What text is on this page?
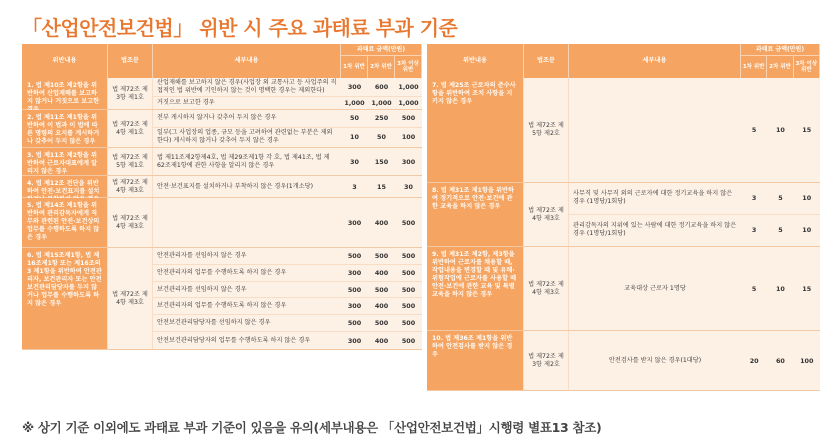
「산업안전보건법」 위반 시 주요 과태료 부과 기준
위반내용	법조문	세부내용
과태료 금액(만원)
1차 위반 2차 위반 3차 이상 위반
1. 법 제10조 제2항을 위반하여 산업재해를 보고하지 않거나 거짓으로 보고한
법 제72조 제3항 제1호
산업재해를 보고하지 않은 경우(사업장 외 교통사고 등 사업주의 직접적인 법 위반에 기인하지 않는 것이 명백한 경우는 제외한다)	300	600	1,000
거짓으로 보고한 경우	1,000	1,000	1,000
2. 법 제11조 제1항을 위반하여 이 법과 이 법에 따른 명령의 요지를 게시하거나 갖추어 두지 않은 경우
법 제72조 제4항 제1호
전부 게시하지 않거나 갖추어 두지 않은 경우	50	250	500
일부(그 사업장의 업종, 규모 등을 고려하여 관련없는 부분은 제외한다) 게시하지 않거나 갖추어 두지 않은 경우	10	50	100
3. 법 제11조 제2항을 위반하여 근로자대표에게 알리지 않은 경우
법 제72조 제5항 제1호
법 제11조제2항제4호, 법 제29조제1항 각 호, 법 제41조, 법 제62조제1항에 관한 사항을 알리지 않은 경우	30	150	300
4. 법 제12조 전단을 위반하여 안전·보건표지를 설치
법 제72조 제4항 제3호
안전·보건표지를 설치하거나 부착하지 않은 경우(1개소당)	3	15	30
5. 법 제14조 제1항을 위반하여 관리감독자에게 직무와 관련된 안전·보건상의 업무를 수행하도록 하지 않은 경우
법 제72조 제4항 제3호	300	400	500
6. 법 제15조제1항, 법 제16조제1항 또는 제16조의3 제1항을 위반하여 안전관리자, 보건관리자 또는 안전보건관리담당자를 두지 않거나 업무를 수행하도록 하지 않은 경우
법 제72조 제4항 제3호
안전관리자를 선임하지 않은 경우	500	500	500
안전관리자의 업무를 수행하도록 하지 않은 경우	300	400	500
보건관리자를 선임하지 않은 경우	500	500	500
보건관리자의 업무를 수행하도록 하지 않은 경우	300	400	500
안전보건관리담당자를 선임하지 않은 경우	500	500	500
안전보건관리담당자의 업무를 수행하도록 하지 않은 경우	300	400	500
위반내용	법조문	세부내용
과태료 금액(만원)
1차 위반 2차 위반 3차 이상 위반
7. 법 제25조 근로자의 준수사항을 위반하여 조치 사항을 지키지 않은 경우
법 제72조 제5항 제2호	5	10	15
8. 법 제31조 제1항을 위반하여 정기적으로 안전·보건에 관한 교육을 하지 않은 경우	법 제72조 제4항 제3호
사무직 및 사무직 외의 근로자에 대한 정기교육을 하지 않은 경우 (1명당/1회당)	3	5	10
관리감독자의 지위에 있는 사람에 대한 정기교육을 하지 않은 경우 (1명당/1회당)	3	5	10
9. 법 제31조 제2항, 제3항을 위반하여 근로자를 채용할 때, 작업내용을 변경할 때 및 유해·위험작업에 근로자를 사용할 때 안전·보건에 관한 교육 및 특별교육을 하지 않은 경우
법 제72조 제4항 제3호
교육대상 근로자 1명당	5	10	15
10. 법 제36조 제1항을 위반하여 안전검사를 받지 않은 경우	법 제72조 제3항 제2호
안전검사를 받지 않은 경우(1대당)	20	60	100
※ 상기 기준 이외에도 과태료 부과 기준이 있음을 유의(세부내용은 「산업안전보건법」시행령 별표13 참조)
